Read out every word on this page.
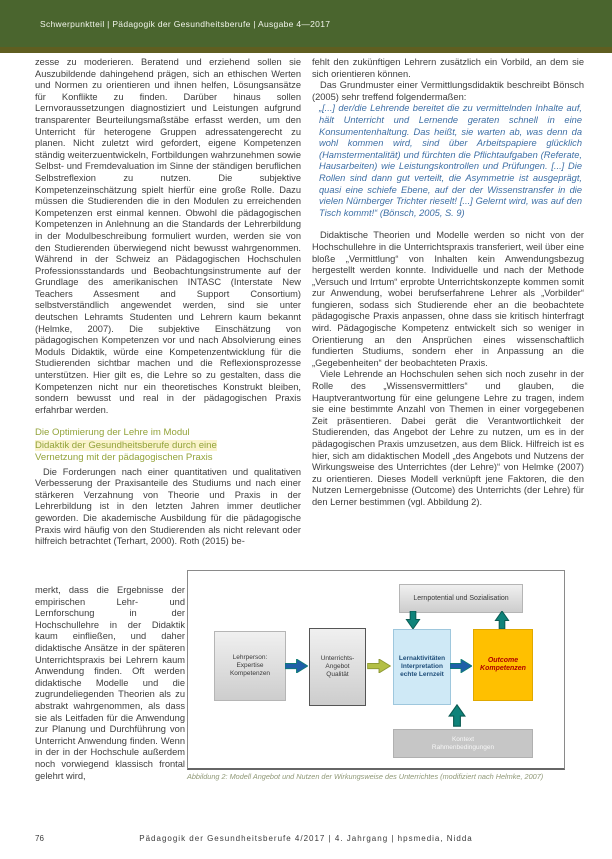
Schwerpunktteil | Pädagogik der Gesundheitsberufe | Ausgabe 4—2017

zesse zu moderieren. Beratend und erziehend sollen sie Auszubildende dahingehend prägen, sich an ethischen Werten und Normen zu orientieren und ihnen helfen, Lösungsansätze für Konflikte zu finden. Darüber hinaus sollen Lernvoraussetzungen diagnostiziert und Leistungen aufgrund transparenter Beurteilungsmaßstäbe erfasst werden, um den Unterricht für heterogene Gruppen adressatengerecht zu planen. Nicht zuletzt wird gefordert, eigene Kompetenzen ständig weiterzuentwickeln, Fortbildungen wahrzunehmen sowie Selbst- und Fremdevaluation im Sinne der ständigen beruflichen Selbstreflexion zu nutzen. Die subjektive Kompetenzeinschätzung spielt hierfür eine große Rolle. Dazu müssen die Studierenden die in den Modulen zu erreichenden Kompetenzen erst einmal kennen. Obwohl die pädagogischen Kompetenzen in Anlehnung an die Standards der Lehrerbildung in der Modulbeschreibung formuliert wurden, werden sie von den Studierenden überwiegend nicht bewusst wahrgenommen. Während in der Schweiz an Pädagogischen Hochschulen Professionsstandards und Beobachtungsinstrumente auf der Grundlage des amerikanischen INTASC (Interstate New Teachers Assesment and Support Consortium) selbstverständlich angewendet werden, sind sie unter deutschen Lehramts Studenten und Lehrern kaum bekannt (Helmke, 2007). Die subjektive Einschätzung von pädagogischen Kompetenzen vor und nach Absolvierung eines Moduls Didaktik, würde eine Kompetenzentwicklung für die Studierenden sichtbar machen und die Reflexionsprozesse unterstützen. Hier gilt es, die Lehre so zu gestalten, dass die Kompetenzen nicht nur ein theoretisches Konstrukt bleiben, sondern bewusst und real in der pädagogischen Praxis erfahrbar werden.

Die Optimierung der Lehre im Modul
Didaktik der Gesundheitsberufe durch eine
Vernetzung mit der pädagogischen Praxis

Die Forderungen nach einer quantitativen und qualitativen Verbesserung der Praxisanteile des Studiums und nach einer stärkeren Verzahnung von Theorie und Praxis in der Lehrerbildung ist in den letzten Jahren immer deutlicher geworden. Die akademische Ausbildung für die pädagogische Praxis wird häufig von den Studierenden als nicht relevant oder hilfreich betrachtet (Terhart, 2000). Roth (2015) be-

merkt, dass die Ergebnisse der empirischen Lehr- und Lernforschung in der Hochschullehre in der Didaktik kaum einfließen, und daher didaktische Ansätze in der späteren Unterrichtspraxis bei Lehrern kaum Anwendung finden. Oft werden didaktische Modelle und die zugrundeliegenden Theorien als zu abstrakt wahrgenommen, als dass sie als Leitfaden für die Anwendung zur Planung und Durchführung von Unterricht Anwendung finden. Wenn in der in der Hochschule außerdem noch vorwiegend klassisch frontal gelehrt wird,

fehlt den zukünftigen Lehrern zusätzlich ein Vorbild, an dem sie sich orientieren können.

Das Grundmuster einer Vermittlungsdidaktik beschreibt Bönsch (2005) sehr treffend folgendermaßen:

„[...] der/die Lehrende bereitet die zu vermittelnden Inhalte auf, hält Unterricht und Lernende geraten schnell in eine Konsumentenhaltung. Das heißt, sie warten ab, was denn da wohl kommen wird, sind über Arbeitspapiere glücklich (Hamstermentalität) und fürchten die Pflichtaufgaben (Referate, Hausarbeiten) wie Leistungskontrollen und Prüfungen. [...] Die Rollen sind dann gut verteilt, die Asymmetrie ist ausgeprägt, quasi eine schiefe Ebene, auf der der Wissenstransfer in die vielen Nürnberger Trichter rieselt! [...] Gelernt wird, was auf den Tisch kommt!“ (Bönsch, 2005, S. 9)

Didaktische Theorien und Modelle werden so nicht von der Hochschullehre in die Unterrichtspraxis transferiert, weil über eine bloße „Vermittlung“ von Inhalten kein Anwendungsbezug hergestellt werden konnte. Individuelle und nach der Methode „Versuch und Irrtum“ erprobte Unterrichtskonzepte kommen somit zur Anwendung, wobei berufserfahrene Lehrer als „Vorbilder“ fungieren, sodass sich Studierende eher an die beobachtete pädagogische Praxis anpassen, ohne dass sie kritisch hinterfragt wird. Pädagogische Kompetenz entwickelt sich so weniger in Orientierung an den Ansprüchen eines wissenschaftlich fundierten Studiums, sondern eher in Anpassung an die „Gegebenheiten“ der beobachteten Praxis.

Viele Lehrende an Hochschulen sehen sich noch zusehr in der Rolle des „Wissensvermittlers“ und glauben, die Hauptverantwortung für eine gelungene Lehre zu tragen, indem sie eine bestimmte Anzahl von Themen in einer vorgegebenen Zeit präsentieren. Dabei gerät die Verantwortlichkeit der Studierenden, das Angebot der Lehre zu nutzen, um es in der pädagogischen Praxis umzusetzen, aus dem Blick. Hilfreich ist es hier, sich am didaktischen Modell „des Angebots und Nutzens der Wirkungsweise des Unterrichtes (der Lehre)“ von Helmke (2007) zu orientieren. Dieses Modell verknüpft jene Faktoren, die den Nutzen Lernergebnisse (Outcome) des Unterrichts (der Lehre) für den Lerner bestimmen (vgl. Abbildung 2).

Lernpotential und Sozialisation
Lehrperson:
Expertise
Kompetenzen
Unterrichts-
Angebot
Qualität
Lernaktivitäten
Interpretation
echte Lernzeit
Outcome
Kompetenzen
Kontext
Rahmenbedingungen
Abbildung 2: Modell Angebot und Nutzen der Wirkungsweise des Unterrichtes (modifiziert nach Helmke, 2007)
76	Pädagogik der Gesundheitsberufe 4/2017 | 4. Jahrgang | hpsmedia, Nidda
